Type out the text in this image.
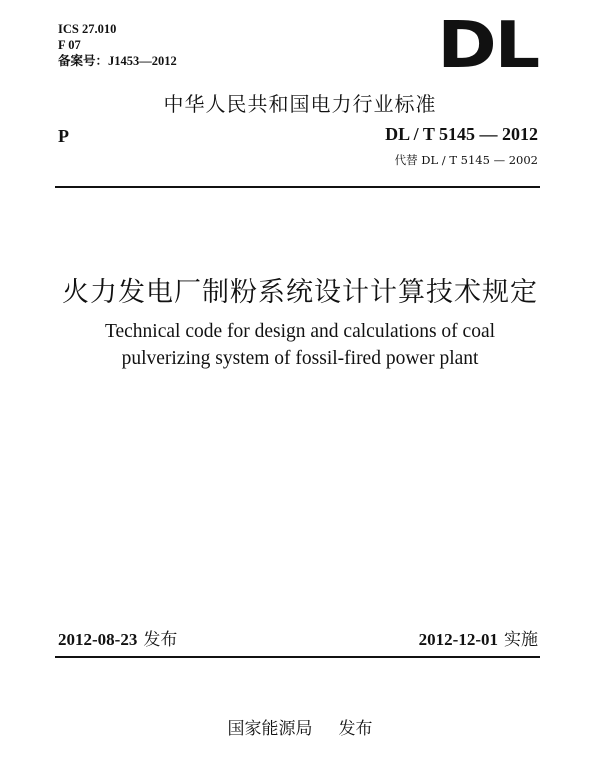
ICS 27.010
F 07
备案号：J1453—2012	DL
中华人民共和国电力行业标准
P	DL / T 5145 — 2012
代替 DL / T 5145 — 2002
火力发电厂制粉系统设计计算技术规定
Technical code for design and calculations of coal
pulverizing system of fossil-fired power plant
2012-08-23 发布	2012-12-01 实施
国家能源局 发布
